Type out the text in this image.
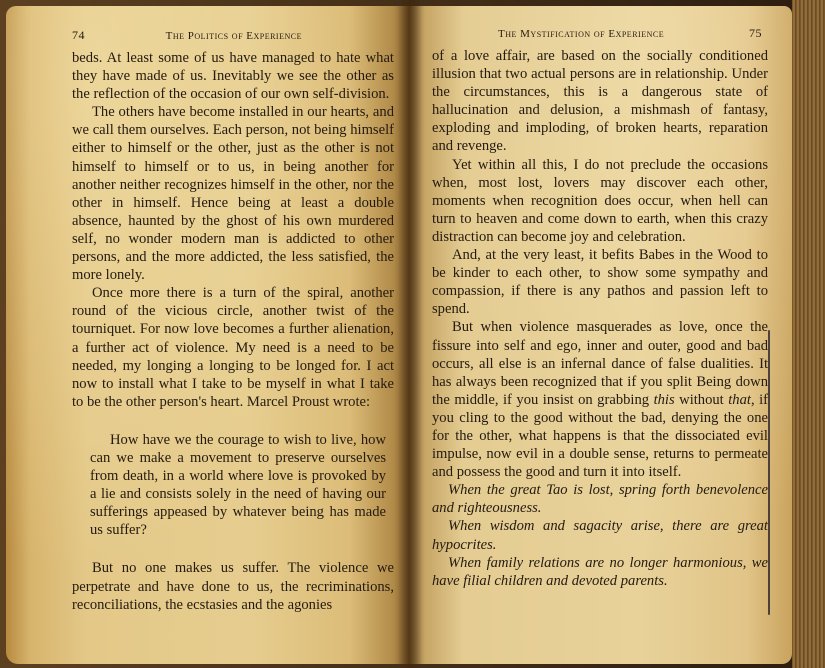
74	The Politics of Experience

beds. At least some of us have managed to hate what they have made of us. Inevitably we see the other as the reflection of the occasion of our own self-division.

The others have become installed in our hearts, and we call them ourselves. Each person, not being himself either to himself or the other, just as the other is not himself to himself or to us, in being another for another neither recognizes himself in the other, nor the other in himself. Hence being at least a double absence, haunted by the ghost of his own murdered self, no wonder modern man is addicted to other persons, and the more addicted, the less satisfied, the more lonely.

Once more there is a turn of the spiral, another round of the vicious circle, another twist of the tourniquet. For now love becomes a further alienation, a further act of violence. My need is a need to be needed, my longing a longing to be longed for. I act now to install what I take to be myself in what I take to be the other person's heart. Marcel Proust wrote:

How have we the courage to wish to live, how can we make a movement to preserve ourselves from death, in a world where love is provoked by a lie and consists solely in the need of having our sufferings appeased by whatever being has made us suffer?

But no one makes us suffer. The violence we perpetrate and have done to us, the recriminations, reconciliations, the ecstasies and the agonies

The Mystification of Experience	75

of a love affair, are based on the socially conditioned illusion that two actual persons are in relationship. Under the circumstances, this is a dangerous state of hallucination and delusion, a mishmash of fantasy, exploding and imploding, of broken hearts, reparation and revenge.

Yet within all this, I do not preclude the occasions when, most lost, lovers may discover each other, moments when recognition does occur, when hell can turn to heaven and come down to earth, when this crazy distraction can become joy and celebration.

And, at the very least, it befits Babes in the Wood to be kinder to each other, to show some sympathy and compassion, if there is any pathos and passion left to spend.

But when violence masquerades as love, once the fissure into self and ego, inner and outer, good and bad occurs, all else is an infernal dance of false dualities. It has always been recognized that if you split Being down the middle, if you insist on grabbing this without that, if you cling to the good without the bad, denying the one for the other, what happens is that the dissociated evil impulse, now evil in a double sense, returns to permeate and possess the good and turn it into itself.

When the great Tao is lost, spring forth benevolence and righteousness.

When wisdom and sagacity arise, there are great hypocrites.

When family relations are no longer harmonious, we have filial children and devoted parents.
